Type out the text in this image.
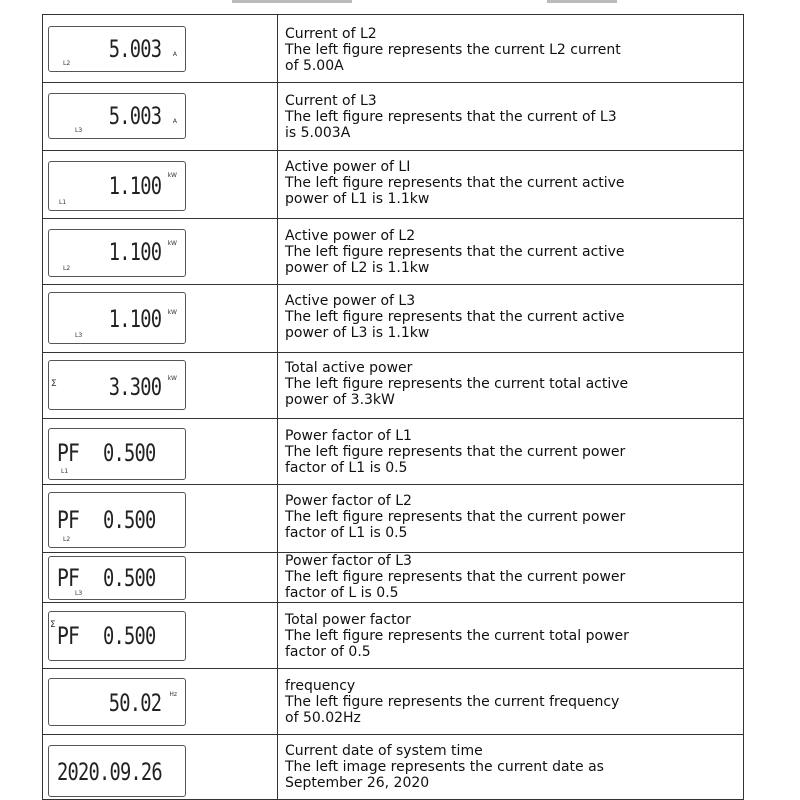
5.003 A
L2
Current of L2
The left figure represents the current L2 current
of 5.00A
5.003 A
L3
Current of L3
The left figure represents that the current of L3
is 5.003A
1.100 kW
L1
Active power of LI
The left figure represents that the current active
power of L1 is 1.1kw
1.100 kW
L2
Active power of L2
The left figure represents that the current active
power of L2 is 1.1kw
1.100 kW
L3
Active power of L3
The left figure represents that the current active
power of L3 is 1.1kw
Σ 3.300 kW
Total active power
The left figure represents the current total active
power of 3.3kW
PF 0.500
L1
Power factor of L1
The left figure represents that the current power
factor of L1 is 0.5
PF 0.500
L2
Power factor of L2
The left figure represents that the current power
factor of L1 is 0.5
PF 0.500
L3
Power factor of L3
The left figure represents that the current power
factor of L is 0.5
Σ PF 0.500
Total power factor
The left figure represents the current total power
factor of 0.5
50.02 Hz
frequency
The left figure represents the current frequency
of 50.02Hz
2020.09.26
Current date of system time
The left image represents the current date as
September 26, 2020
